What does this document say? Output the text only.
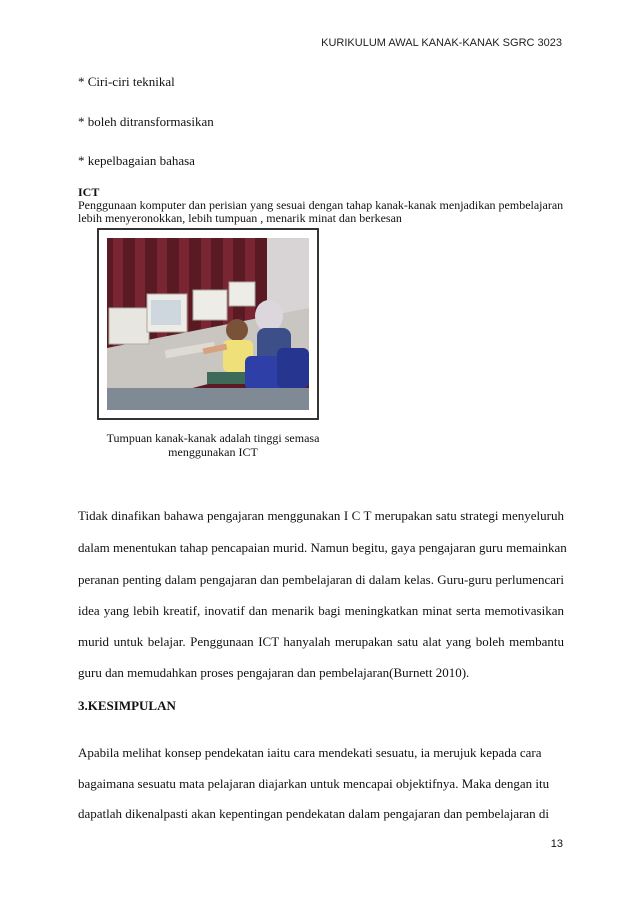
KURIKULUM AWAL KANAK-KANAK SGRC 3023
* Ciri-ciri teknikal
* boleh ditransformasikan
* kepelbagaian bahasa
ICT
Penggunaan komputer dan perisian yang sesuai dengan tahap kanak-kanak menjadikan pembelajaran
lebih menyeronokkan, lebih tumpuan , menarik minat dan berkesan
Tumpuan kanak-kanak adalah tinggi semasa
menggunakan ICT
Tidak dinafikan bahawa pengajaran menggunakan I C T merupakan satu strategi menyeluruh
dalam menentukan tahap pencapaian murid. Namun begitu, gaya pengajaran guru memainkan
peranan penting dalam pengajaran dan pembelajaran di dalam kelas. Guru-guru perlumencari
idea yang lebih kreatif, inovatif dan menarik bagi meningkatkan minat serta memotivasikan
murid untuk belajar. Penggunaan ICT hanyalah merupakan satu alat yang boleh membantu
guru dan memudahkan proses pengajaran dan pembelajaran(Burnett 2010).
3.KESIMPULAN
Apabila melihat konsep pendekatan iaitu cara mendekati sesuatu, ia merujuk kepada cara
bagaimana sesuatu mata pelajaran diajarkan untuk mencapai objektifnya. Maka dengan itu
dapatlah dikenalpasti akan kepentingan pendekatan dalam pengajaran dan pembelajaran di
13
